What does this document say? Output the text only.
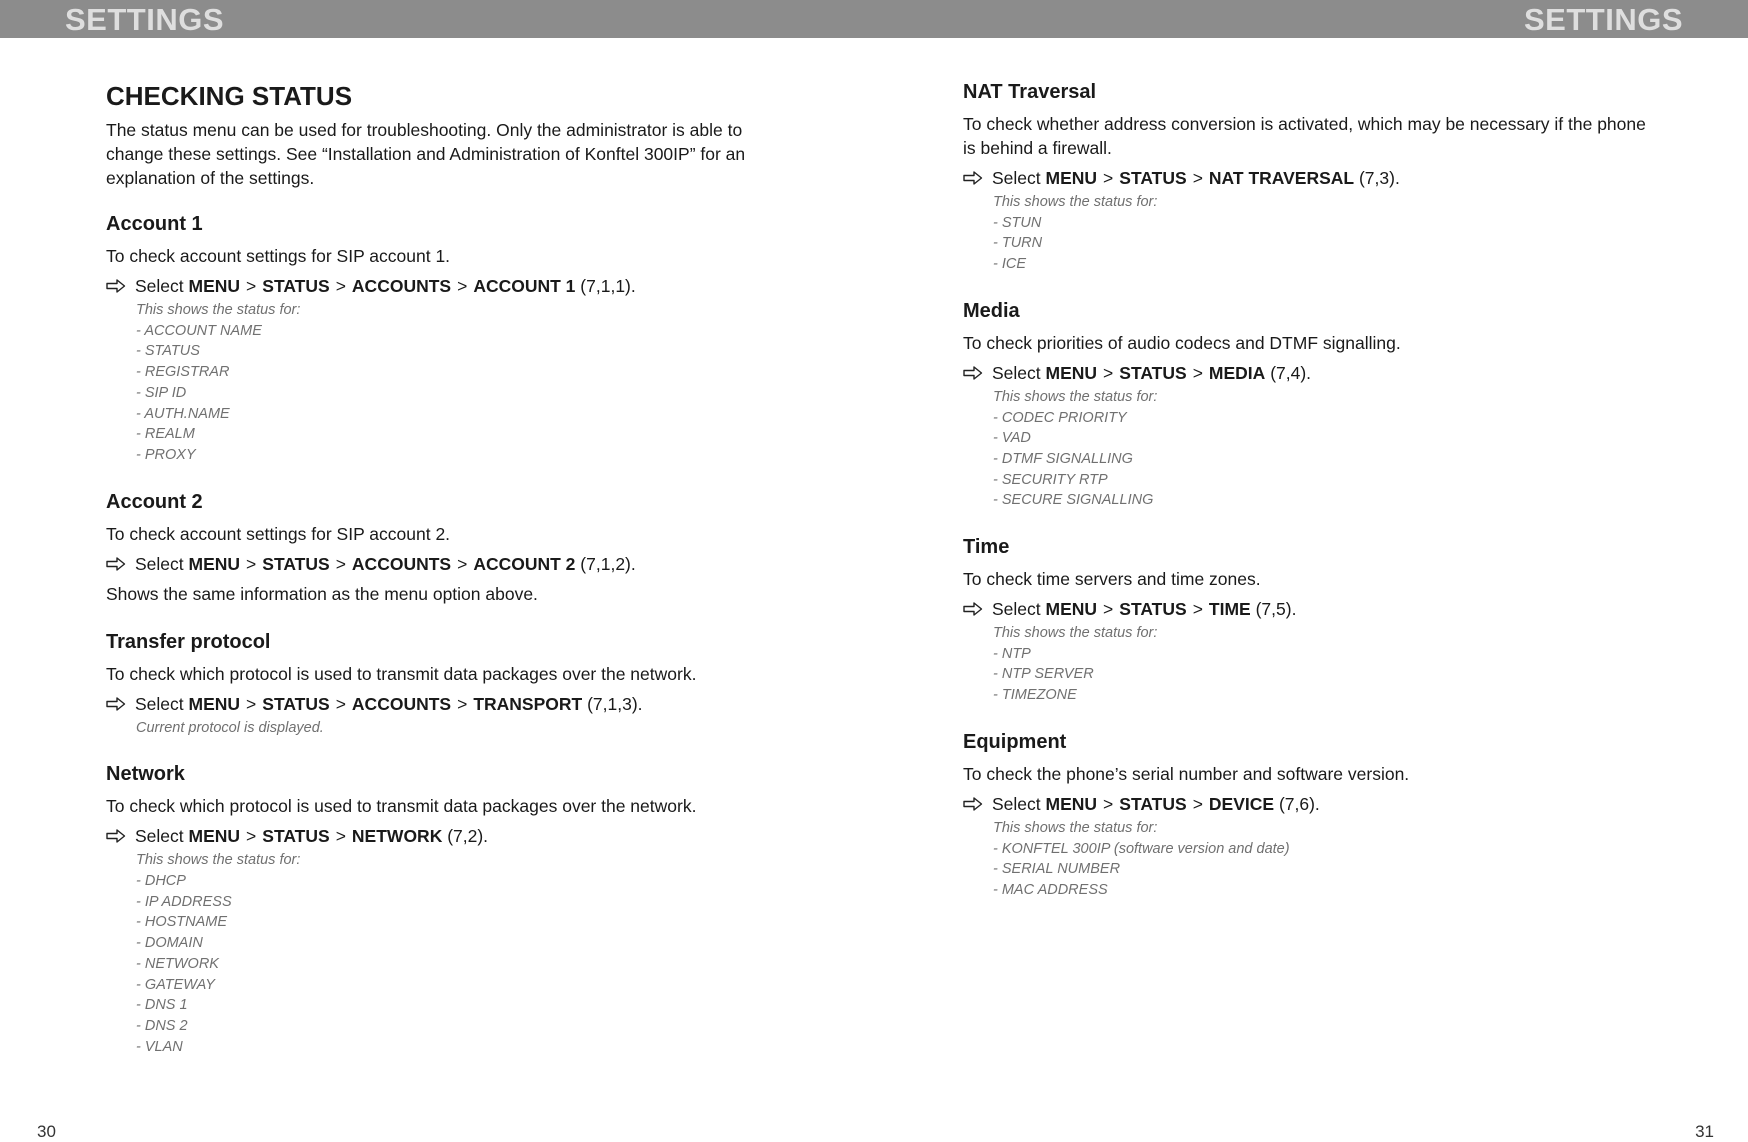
SETTINGS	SETTINGS
CHECKING STATUS

The status menu can be used for troubleshooting. Only the administrator is able to change these settings. See “Installation and Administration of Konftel 300IP” for an explanation of the settings.

Account 1
To check account settings for SIP account 1.
Select
MENU > STATUS > ACCOUNTS > ACCOUNT 1
(7,1,1).
This shows the status for:
- ACCOUNT NAME
- STATUS
- REGISTRAR
- SIP ID
- AUTH.NAME
- REALM
- PROXY
Account 2
To check account settings for SIP account 2.
Select
MENU > STATUS > ACCOUNTS > ACCOUNT 2
(7,1,2).
Shows the same information as the menu option above.
Transfer protocol
To check which protocol is used to transmit data packages over the network.
Select
MENU > STATUS > ACCOUNTS > TRANSPORT
(7,1,3).
Current protocol is displayed.
Network
To check which protocol is used to transmit data packages over the network.
Select
MENU > STATUS > NETWORK
(7,2).
This shows the status for:
- DHCP
- IP ADDRESS
- HOSTNAME
- DOMAIN
- NETWORK
- GATEWAY
- DNS 1
- DNS 2
- VLAN
NAT Traversal
To check whether address conversion is activated, which may be necessary if the phone is behind a firewall.
Select
MENU > STATUS > NAT TRAVERSAL
(7,3).
This shows the status for:
- STUN
- TURN
- ICE
Media
To check priorities of audio codecs and DTMF signalling.
Select
MENU > STATUS > MEDIA
(7,4).
This shows the status for:
- CODEC PRIORITY
- VAD
- DTMF SIGNALLING
- SECURITY RTP
- SECURE SIGNALLING
Time
To check time servers and time zones.
Select
MENU > STATUS > TIME
(7,5).
This shows the status for:
- NTP
- NTP SERVER
- TIMEZONE
Equipment
To check the phone’s serial number and software version.
Select
MENU > STATUS > DEVICE
(7,6).
This shows the status for:
- KONFTEL 300IP (software version and date)
- SERIAL NUMBER
- MAC ADDRESS
30	31
